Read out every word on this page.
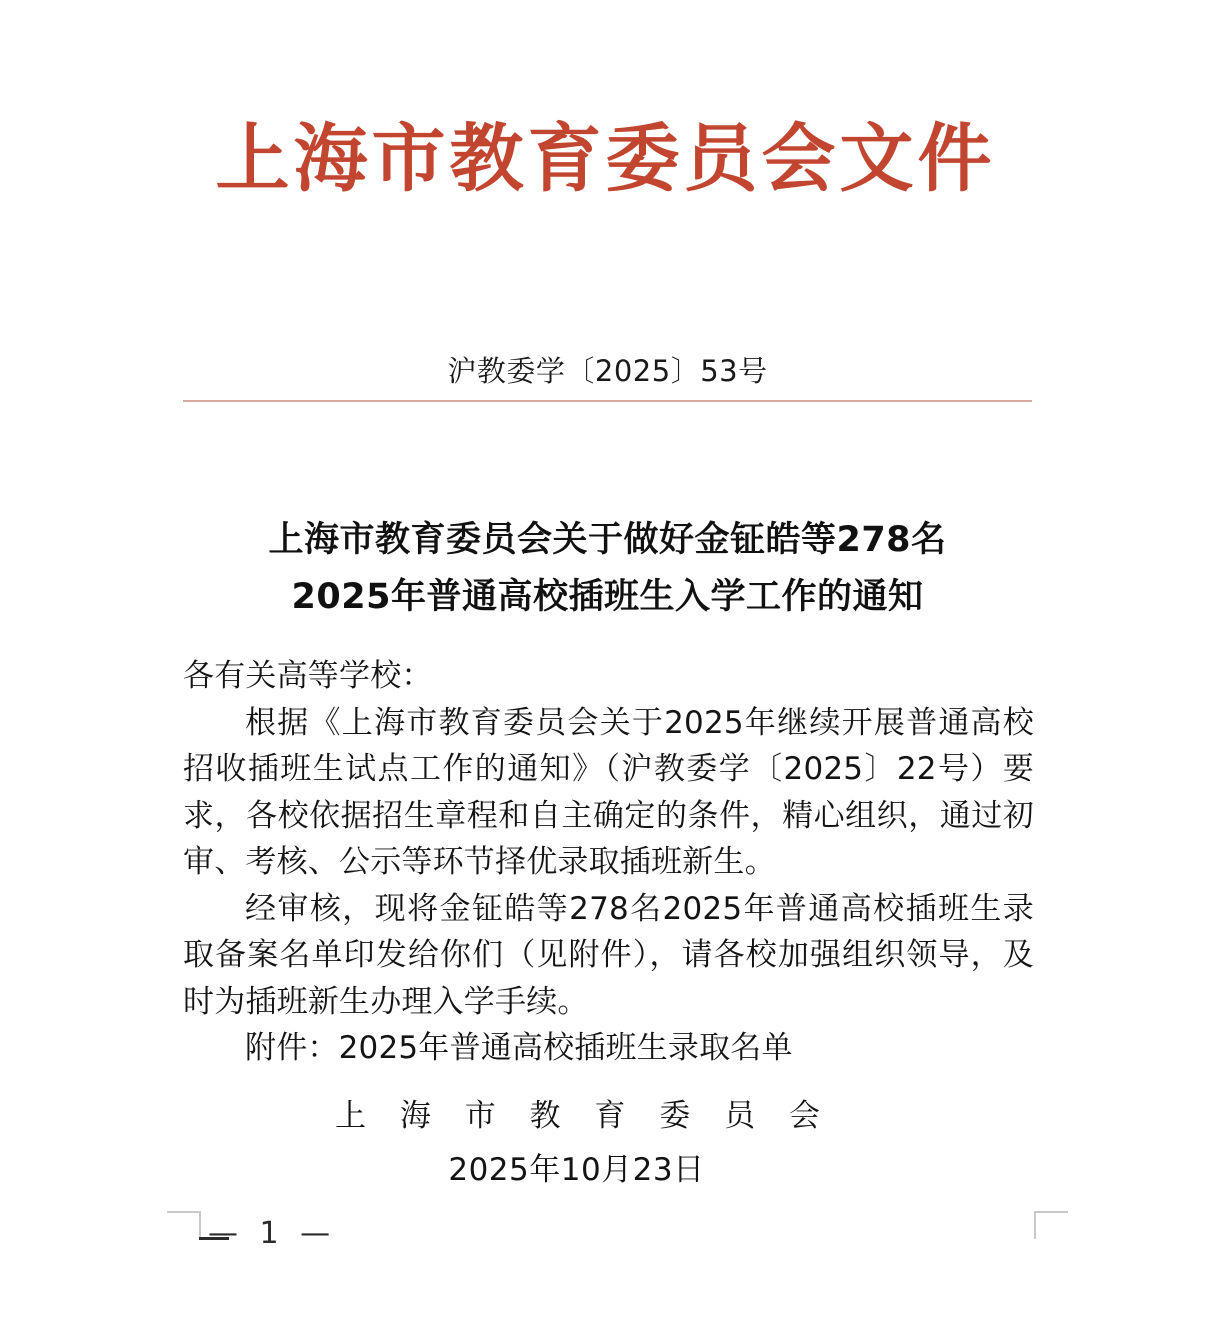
上海市教育委员会文件
沪教委学〔2025〕53号
上海市教育委员会关于做好金钲皓等278名
2025年普通高校插班生入学工作的通知

各有关高等学校：

根据《上海市教育委员会关于2025年继续开展普通高校招收插班生试点工作的通知》（沪教委学〔2025〕22号）要求，各校依据招生章程和自主确定的条件，精心组织，通过初审、考核、公示等环节择优录取插班新生。

经审核，现将金钲皓等278名2025年普通高校插班生录取备案名单印发给你们（见附件），请各校加强组织领导，及时为插班新生办理入学手续。

附件：2025年普通高校插班生录取名单

上 海 市 教 育 委 员 会
2025年10月23日
— 1 —
